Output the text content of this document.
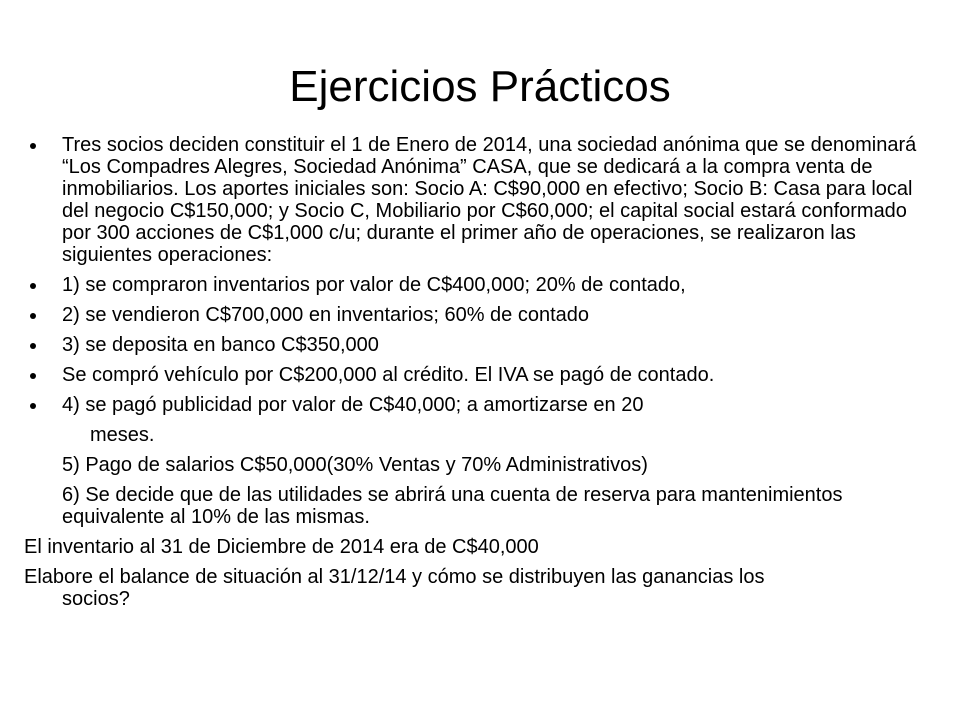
Ejercicios Prácticos
Tres socios deciden constituir el 1 de Enero de 2014, una sociedad anónima que se denominará “Los Compadres Alegres, Sociedad Anónima” CASA, que se dedicará a la compra venta de inmobiliarios. Los aportes iniciales son: Socio A: C$90,000 en efectivo; Socio B: Casa para local del negocio C$150,000; y Socio C, Mobiliario por C$60,000; el capital social estará conformado por 300 acciones de C$1,000 c/u; durante el primer año de operaciones, se realizaron las siguientes operaciones:
1) se compraron inventarios por valor de C$400,000; 20% de contado,
2) se vendieron C$700,000 en inventarios; 60% de contado
3) se deposita en banco C$350,000
Se compró vehículo por C$200,000 al crédito. El IVA se pagó de contado.
4) se pagó publicidad por valor de C$40,000; a amortizarse en 20
meses.
5) Pago de salarios C$50,000(30% Ventas y 70% Administrativos)
6) Se decide que de las utilidades se abrirá una cuenta de reserva para mantenimientos equivalente al 10% de las mismas.
El inventario al 31 de Diciembre de 2014 era de C$40,000
Elabore el balance de situación al 31/12/14 y cómo se distribuyen las ganancias los
socios?
